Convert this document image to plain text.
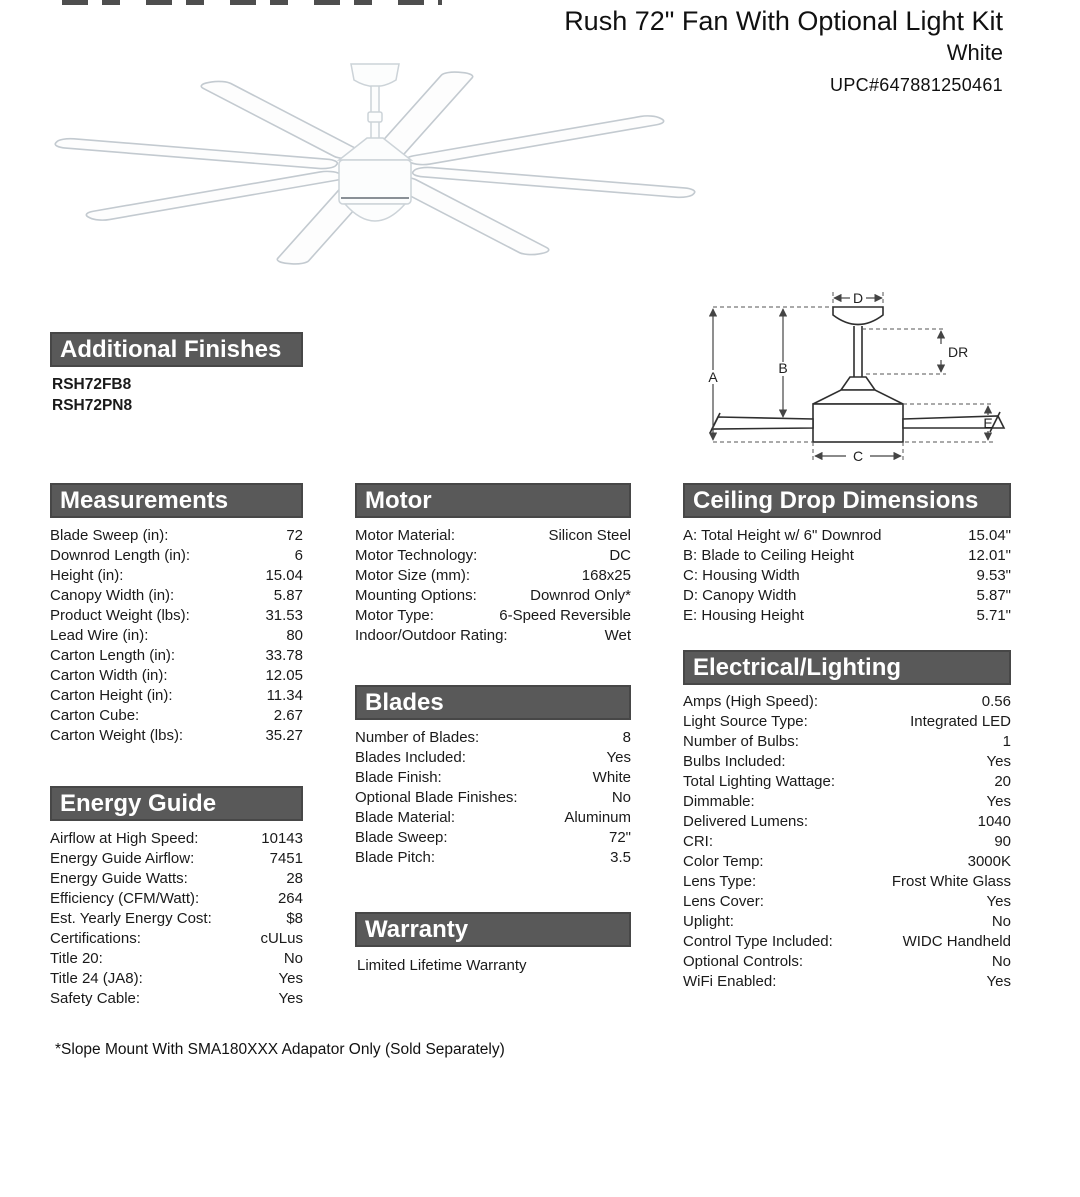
Rush 72" Fan With Optional Light Kit
White
UPC#647881250461
D
A
B
DR
E
C
Additional Finishes
RSH72FB8
RSH72PN8
Measurements
Blade Sweep (in):	72
Downrod Length (in):	6
Height (in):	15.04
Canopy Width (in):	5.87
Product Weight (lbs):	31.53
Lead Wire (in):	80
Carton Length (in):	33.78
Carton Width (in):	12.05
Carton Height (in):	11.34
Carton Cube:	2.67
Carton Weight (lbs):	35.27
Energy Guide
Airflow at High Speed:	10143
Energy Guide Airflow:	7451
Energy Guide Watts:	28
Efficiency (CFM/Watt):	264
Est. Yearly Energy Cost:	$8
Certifications:	cULus
Title 20:	No
Title 24 (JA8):	Yes
Safety Cable:	Yes
Motor
Motor Material:	Silicon Steel
Motor Technology:	DC
Motor Size (mm):	168x25
Mounting Options:	Downrod Only*
Motor Type:	6-Speed Reversible
Indoor/Outdoor Rating:	Wet
Blades
Number of Blades:	8
Blades Included:	Yes
Blade Finish:	White
Optional Blade Finishes:	No
Blade Material:	Aluminum
Blade Sweep:	72"
Blade Pitch:	3.5
Warranty
Limited Lifetime Warranty
Ceiling Drop Dimensions
A: Total Height w/ 6" Downrod	15.04"
B: Blade to Ceiling Height	12.01"
C: Housing Width	9.53"
D: Canopy Width	5.87"
E: Housing Height	5.71"
Electrical/Lighting
Amps (High Speed):	0.56
Light Source Type:	Integrated LED
Number of Bulbs:	1
Bulbs Included:	Yes
Total Lighting Wattage:	20
Dimmable:	Yes
Delivered Lumens:	1040
CRI:	90
Color Temp:	3000K
Lens Type:	Frost White Glass
Lens Cover:	Yes
Uplight:	No
Control Type Included:	WIDC Handheld
Optional Controls:	No
WiFi Enabled:	Yes
*Slope Mount With SMA180XXX Adapator Only (Sold Separately)
